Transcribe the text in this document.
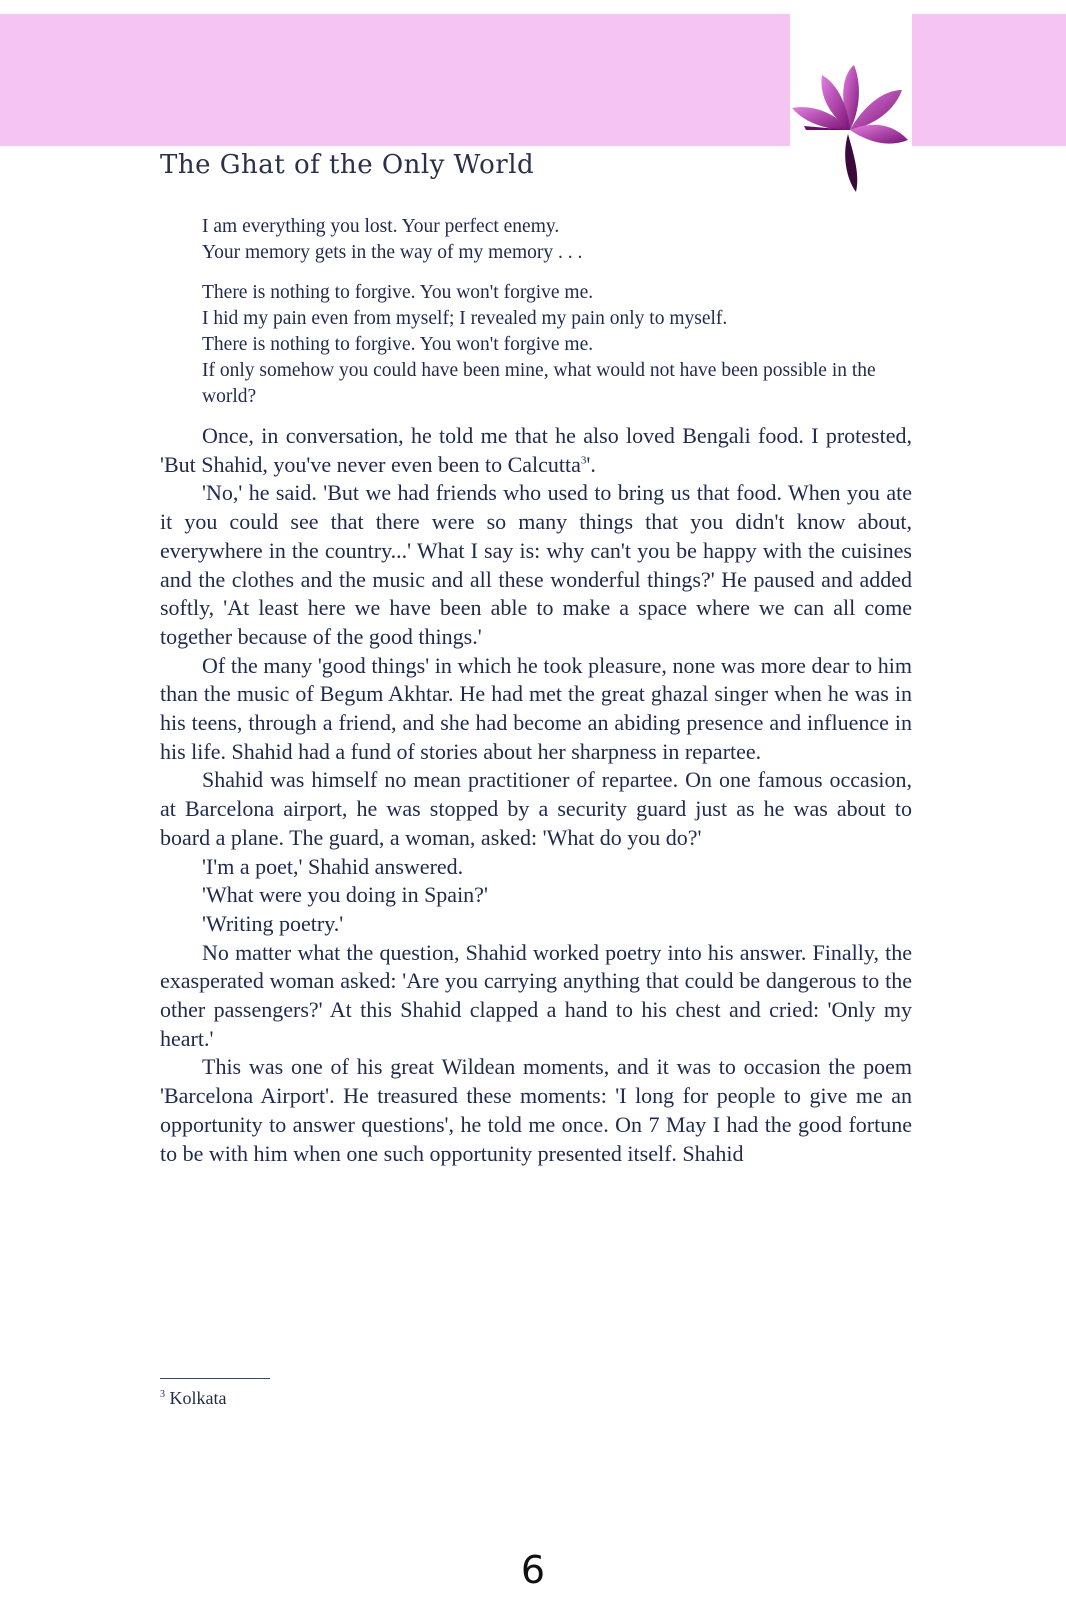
The Ghat of the Only World
I am everything you lost. Your perfect enemy.
Your memory gets in the way of my memory . . .
There is nothing to forgive. You won't forgive me.
I hid my pain even from myself; I revealed my pain only to myself.
There is nothing to forgive. You won't forgive me.
If only somehow you could have been mine, what would not have been possible in the world?

Once, in conversation, he told me that he also loved Bengali food. I protested, 'But Shahid, you've never even been to Calcutta$^3$'.

'No,' he said. 'But we had friends who used to bring us that food. When you ate it you could see that there were so many things that you didn't know about, everywhere in the country...' What I say is: why can't you be happy with the cuisines and the clothes and the music and all these wonderful things?' He paused and added softly, 'At least here we have been able to make a space where we can all come together because of the good things.'

Of the many 'good things' in which he took pleasure, none was more dear to him than the music of Begum Akhtar. He had met the great ghazal singer when he was in his teens, through a friend, and she had become an abiding presence and influence in his life. Shahid had a fund of stories about her sharpness in repartee.

Shahid was himself no mean practitioner of repartee. On one famous occasion, at Barcelona airport, he was stopped by a security guard just as he was about to board a plane. The guard, a woman, asked: 'What do you do?'

'I'm a poet,' Shahid answered.

'What were you doing in Spain?'

'Writing poetry.'

No matter what the question, Shahid worked poetry into his answer. Finally, the exasperated woman asked: 'Are you carrying anything that could be dangerous to the other passengers?' At this Shahid clapped a hand to his chest and cried: 'Only my heart.'

This was one of his great Wildean moments, and it was to occasion the poem 'Barcelona Airport'. He treasured these moments: 'I long for people to give me an opportunity to answer questions', he told me once. On 7 May I had the good fortune to be with him when one such opportunity presented itself. Shahid

$^3$ Kolkata
6
